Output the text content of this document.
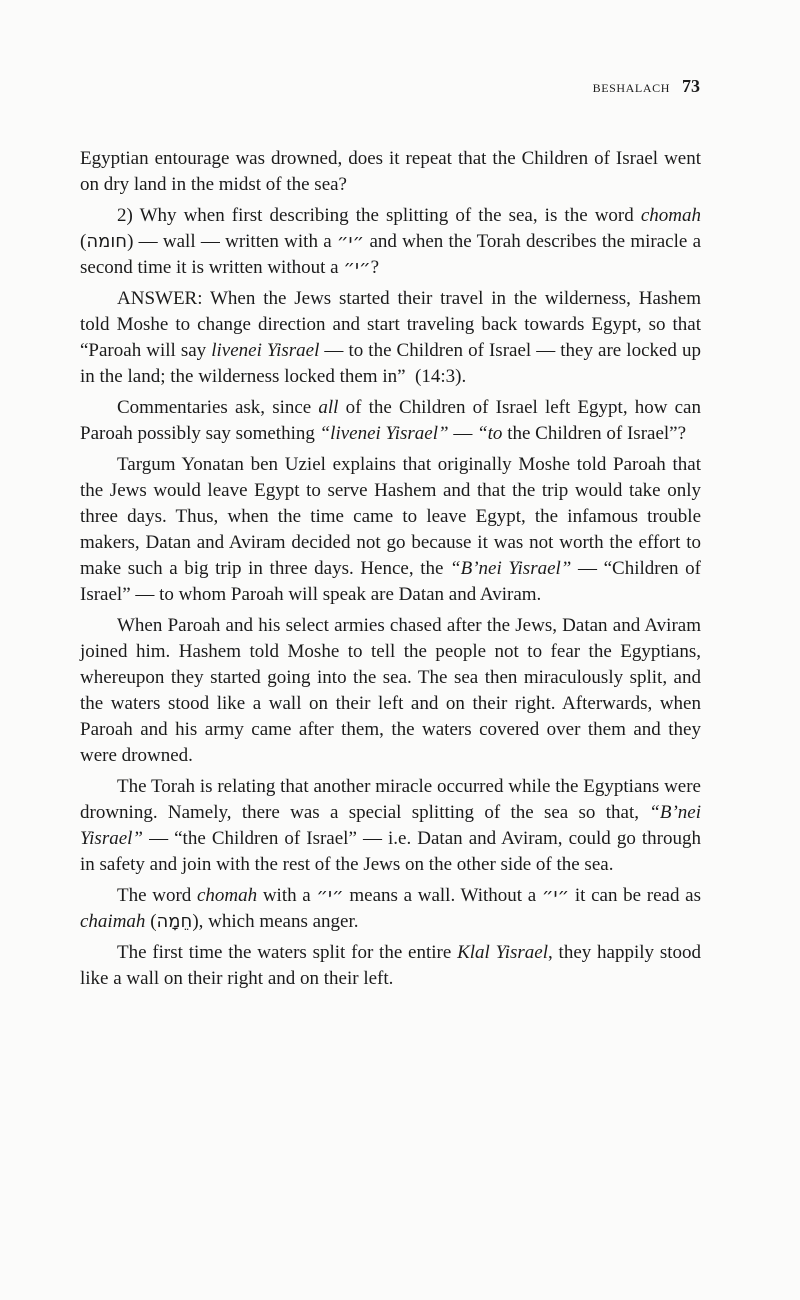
beshalach 73

Egyptian entourage was drowned, does it repeat that the Children of Israel went on dry land in the midst of the sea?

2) Why when first describing the splitting of the sea, is the word chomah (חומה) — wall — written with a ״י״ and when the Torah describes the miracle a second time it is written without a ״י״?

ANSWER: When the Jews started their travel in the wilderness, Hashem told Moshe to change direction and start traveling back towards Egypt, so that “Paroah will say livenei Yisrael — to the Children of Israel — they are locked up in the land; the wilderness locked them in” (14:3).

Commentaries ask, since all of the Children of Israel left Egypt, how can Paroah possibly say something “livenei Yisrael” — “to the Children of Israel”?

Targum Yonatan ben Uziel explains that originally Moshe told Paroah that the Jews would leave Egypt to serve Hashem and that the trip would take only three days. Thus, when the time came to leave Egypt, the infamous trouble makers, Datan and Aviram decided not go because it was not worth the effort to make such a big trip in three days. Hence, the “B’nei Yisrael” — “Children of Israel” — to whom Paroah will speak are Datan and Aviram.

When Paroah and his select armies chased after the Jews, Datan and Aviram joined him. Hashem told Moshe to tell the people not to fear the Egyptians, whereupon they started going into the sea. The sea then miraculously split, and the waters stood like a wall on their left and on their right. Afterwards, when Paroah and his army came after them, the waters covered over them and they were drowned.

The Torah is relating that another miracle occurred while the Egyptians were drowning. Namely, there was a special splitting of the sea so that, “B’nei Yisrael” — “the Children of Israel” — i.e. Datan and Aviram, could go through in safety and join with the rest of the Jews on the other side of the sea.

The word chomah with a ״י״ means a wall. Without a ״י״ it can be read as chaimah (חֵמָה), which means anger.

The first time the waters split for the entire Klal Yisrael, they happily stood like a wall on their right and on their left.
